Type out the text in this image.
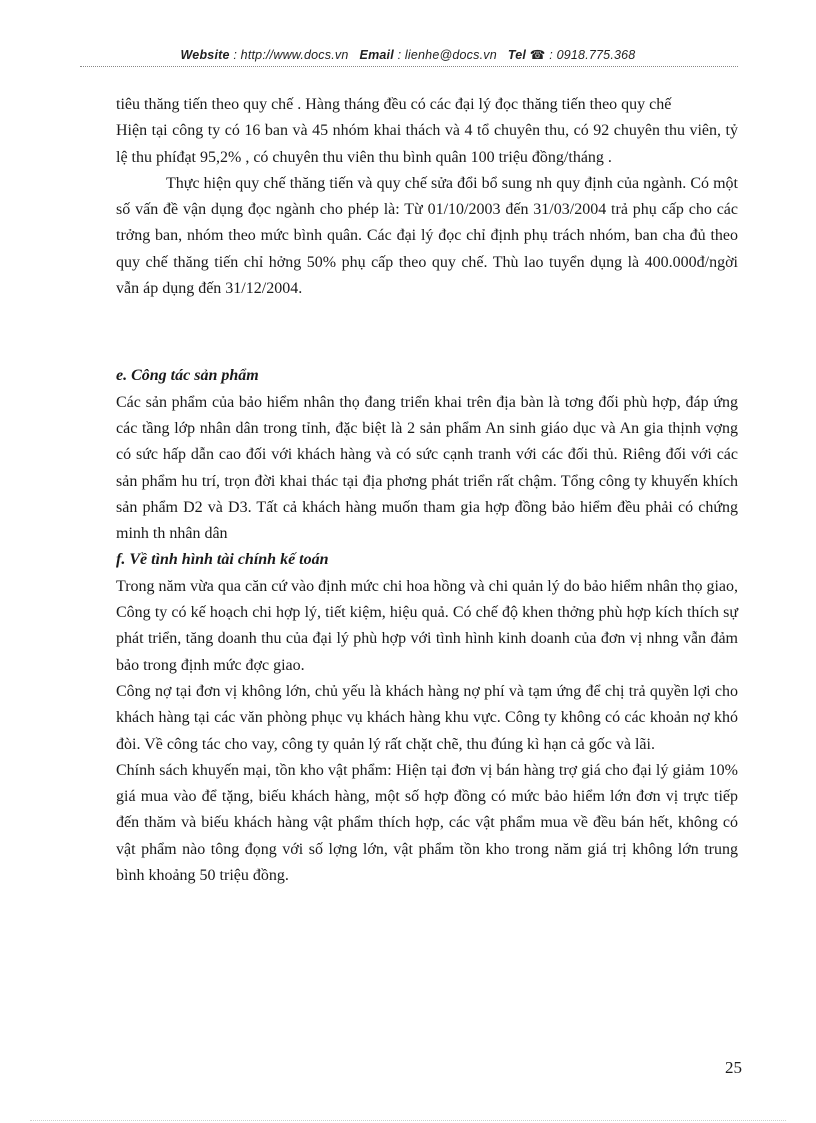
Website : http://www.docs.vn Email : lienhe@docs.vn Tel ☎ : 0918.775.368

tiêu thăng tiến theo quy chế . Hàng tháng đều có các đại lý đọc thăng tiến theo quy chế

Hiện tại công ty có 16 ban và 45 nhóm khai thách và 4 tổ chuyên thu, có 92 chuyên thu viên, tỷ lệ thu phíđạt 95,2% , có chuyên thu viên thu bình quân 100 triệu đồng/tháng .

Thực hiện quy chế thăng tiến và quy chế sửa đổi bổ sung nh quy định của ngành. Có một số vấn đề vận dụng đọc ngành cho phép là: Từ 01/10/2003 đến 31/03/2004 trả phụ cấp cho các trởng ban, nhóm theo mức bình quân. Các đại lý đọc chỉ định phụ trách nhóm, ban cha đủ theo quy chế thăng tiến chỉ hởng 50% phụ cấp theo quy chế. Thù lao tuyển dụng là 400.000đ/ngời vẫn áp dụng đến 31/12/2004.

e. Công tác sản phẩm

Các sản phẩm của bảo hiểm nhân thọ đang triển khai trên địa bàn là tơng đối phù hợp, đáp ứng các tầng lớp nhân dân trong tỉnh, đặc biệt là 2 sản phẩm An sinh giáo dục và An gia thịnh vợng có sức hấp dẫn cao đối với khách hàng và có sức cạnh tranh với các đối thủ. Riêng đối với các sản phẩm hu trí, trọn đời khai thác tại địa phơng phát triển rất chậm. Tổng công ty khuyến khích sản phẩm D2 và D3. Tất cả khách hàng muốn tham gia hợp đồng bảo hiểm đều phải có chứng minh th nhân dân

f. Về tình hình tài chính kế toán

Trong năm vừa qua căn cứ vào định mức chi hoa hồng và chi quản lý do bảo hiểm nhân thọ giao, Công ty có kế hoạch chi hợp lý, tiết kiệm, hiệu quả. Có chế độ khen thởng phù hợp kích thích sự phát triển, tăng doanh thu của đại lý phù hợp với tình hình kinh doanh của đơn vị nhng vẫn đảm bảo trong định mức đợc giao.

Công nợ tại đơn vị không lớn, chủ yếu là khách hàng nợ phí và tạm ứng để chị trả quyền lợi cho khách hàng tại các văn phòng phục vụ khách hàng khu vực. Công ty không có các khoản nợ khó đòi. Về công tác cho vay, công ty quản lý rất chặt chẽ, thu đúng kì hạn cả gốc và lãi.

Chính sách khuyến mại, tồn kho vật phẩm: Hiện tại đơn vị bán hàng trợ giá cho đại lý giảm 10% giá mua vào để tặng, biếu khách hàng, một số hợp đồng có mức bảo hiểm lớn đơn vị trực tiếp đến thăm và biếu khách hàng vật phẩm thích hợp, các vật phẩm mua về đều bán hết, không có vật phẩm nào tông đọng với số lợng lớn, vật phẩm tồn kho trong năm giá trị không lớn trung bình khoảng 50 triệu đồng.

25
